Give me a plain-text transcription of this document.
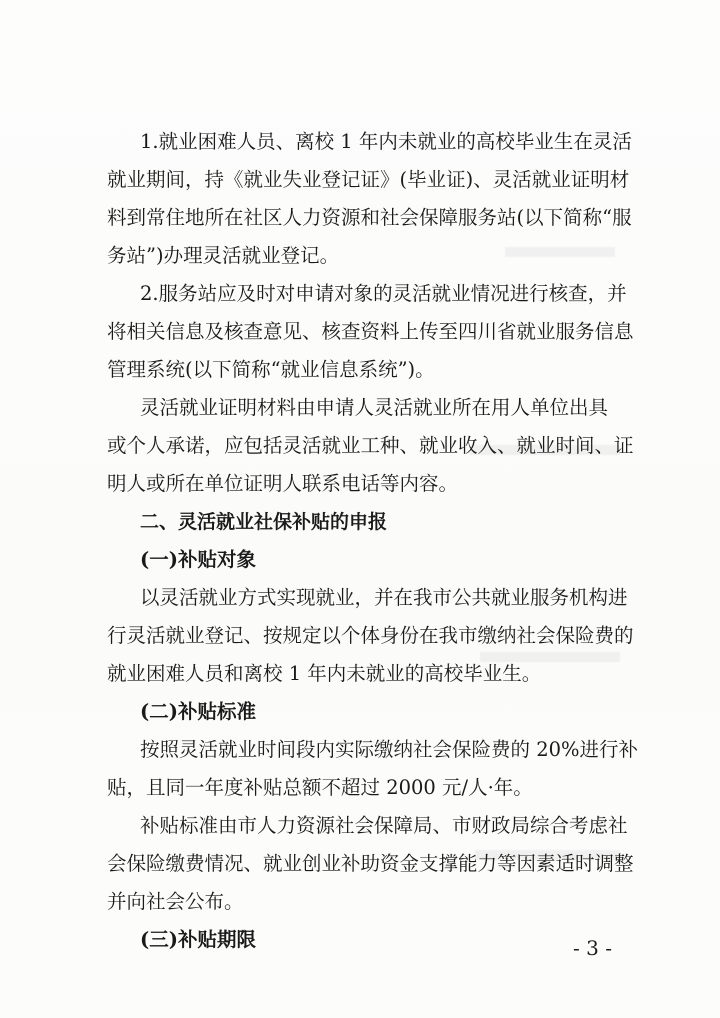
1.就业困难人员、离校 1 年内未就业的高校毕业生在灵活
就业期间，持《就业失业登记证》(毕业证)、灵活就业证明材
料到常住地所在社区人力资源和社会保障服务站(以下简称“服
务站”)办理灵活就业登记。
2.服务站应及时对申请对象的灵活就业情况进行核查，并
将相关信息及核查意见、核查资料上传至四川省就业服务信息
管理系统(以下简称“就业信息系统”)。
灵活就业证明材料由申请人灵活就业所在用人单位出具
或个人承诺，应包括灵活就业工种、就业收入、就业时间、证
明人或所在单位证明人联系电话等内容。
二、灵活就业社保补贴的申报
(一)补贴对象
以灵活就业方式实现就业，并在我市公共就业服务机构进
行灵活就业登记、按规定以个体身份在我市缴纳社会保险费的
就业困难人员和离校 1 年内未就业的高校毕业生。
(二)补贴标准
按照灵活就业时间段内实际缴纳社会保险费的 20%进行补
贴，且同一年度补贴总额不超过 2000 元/人·年。
补贴标准由市人力资源社会保障局、市财政局综合考虑社
会保险缴费情况、就业创业补助资金支撑能力等因素适时调整
并向社会公布。
(三)补贴期限	- 3 -
